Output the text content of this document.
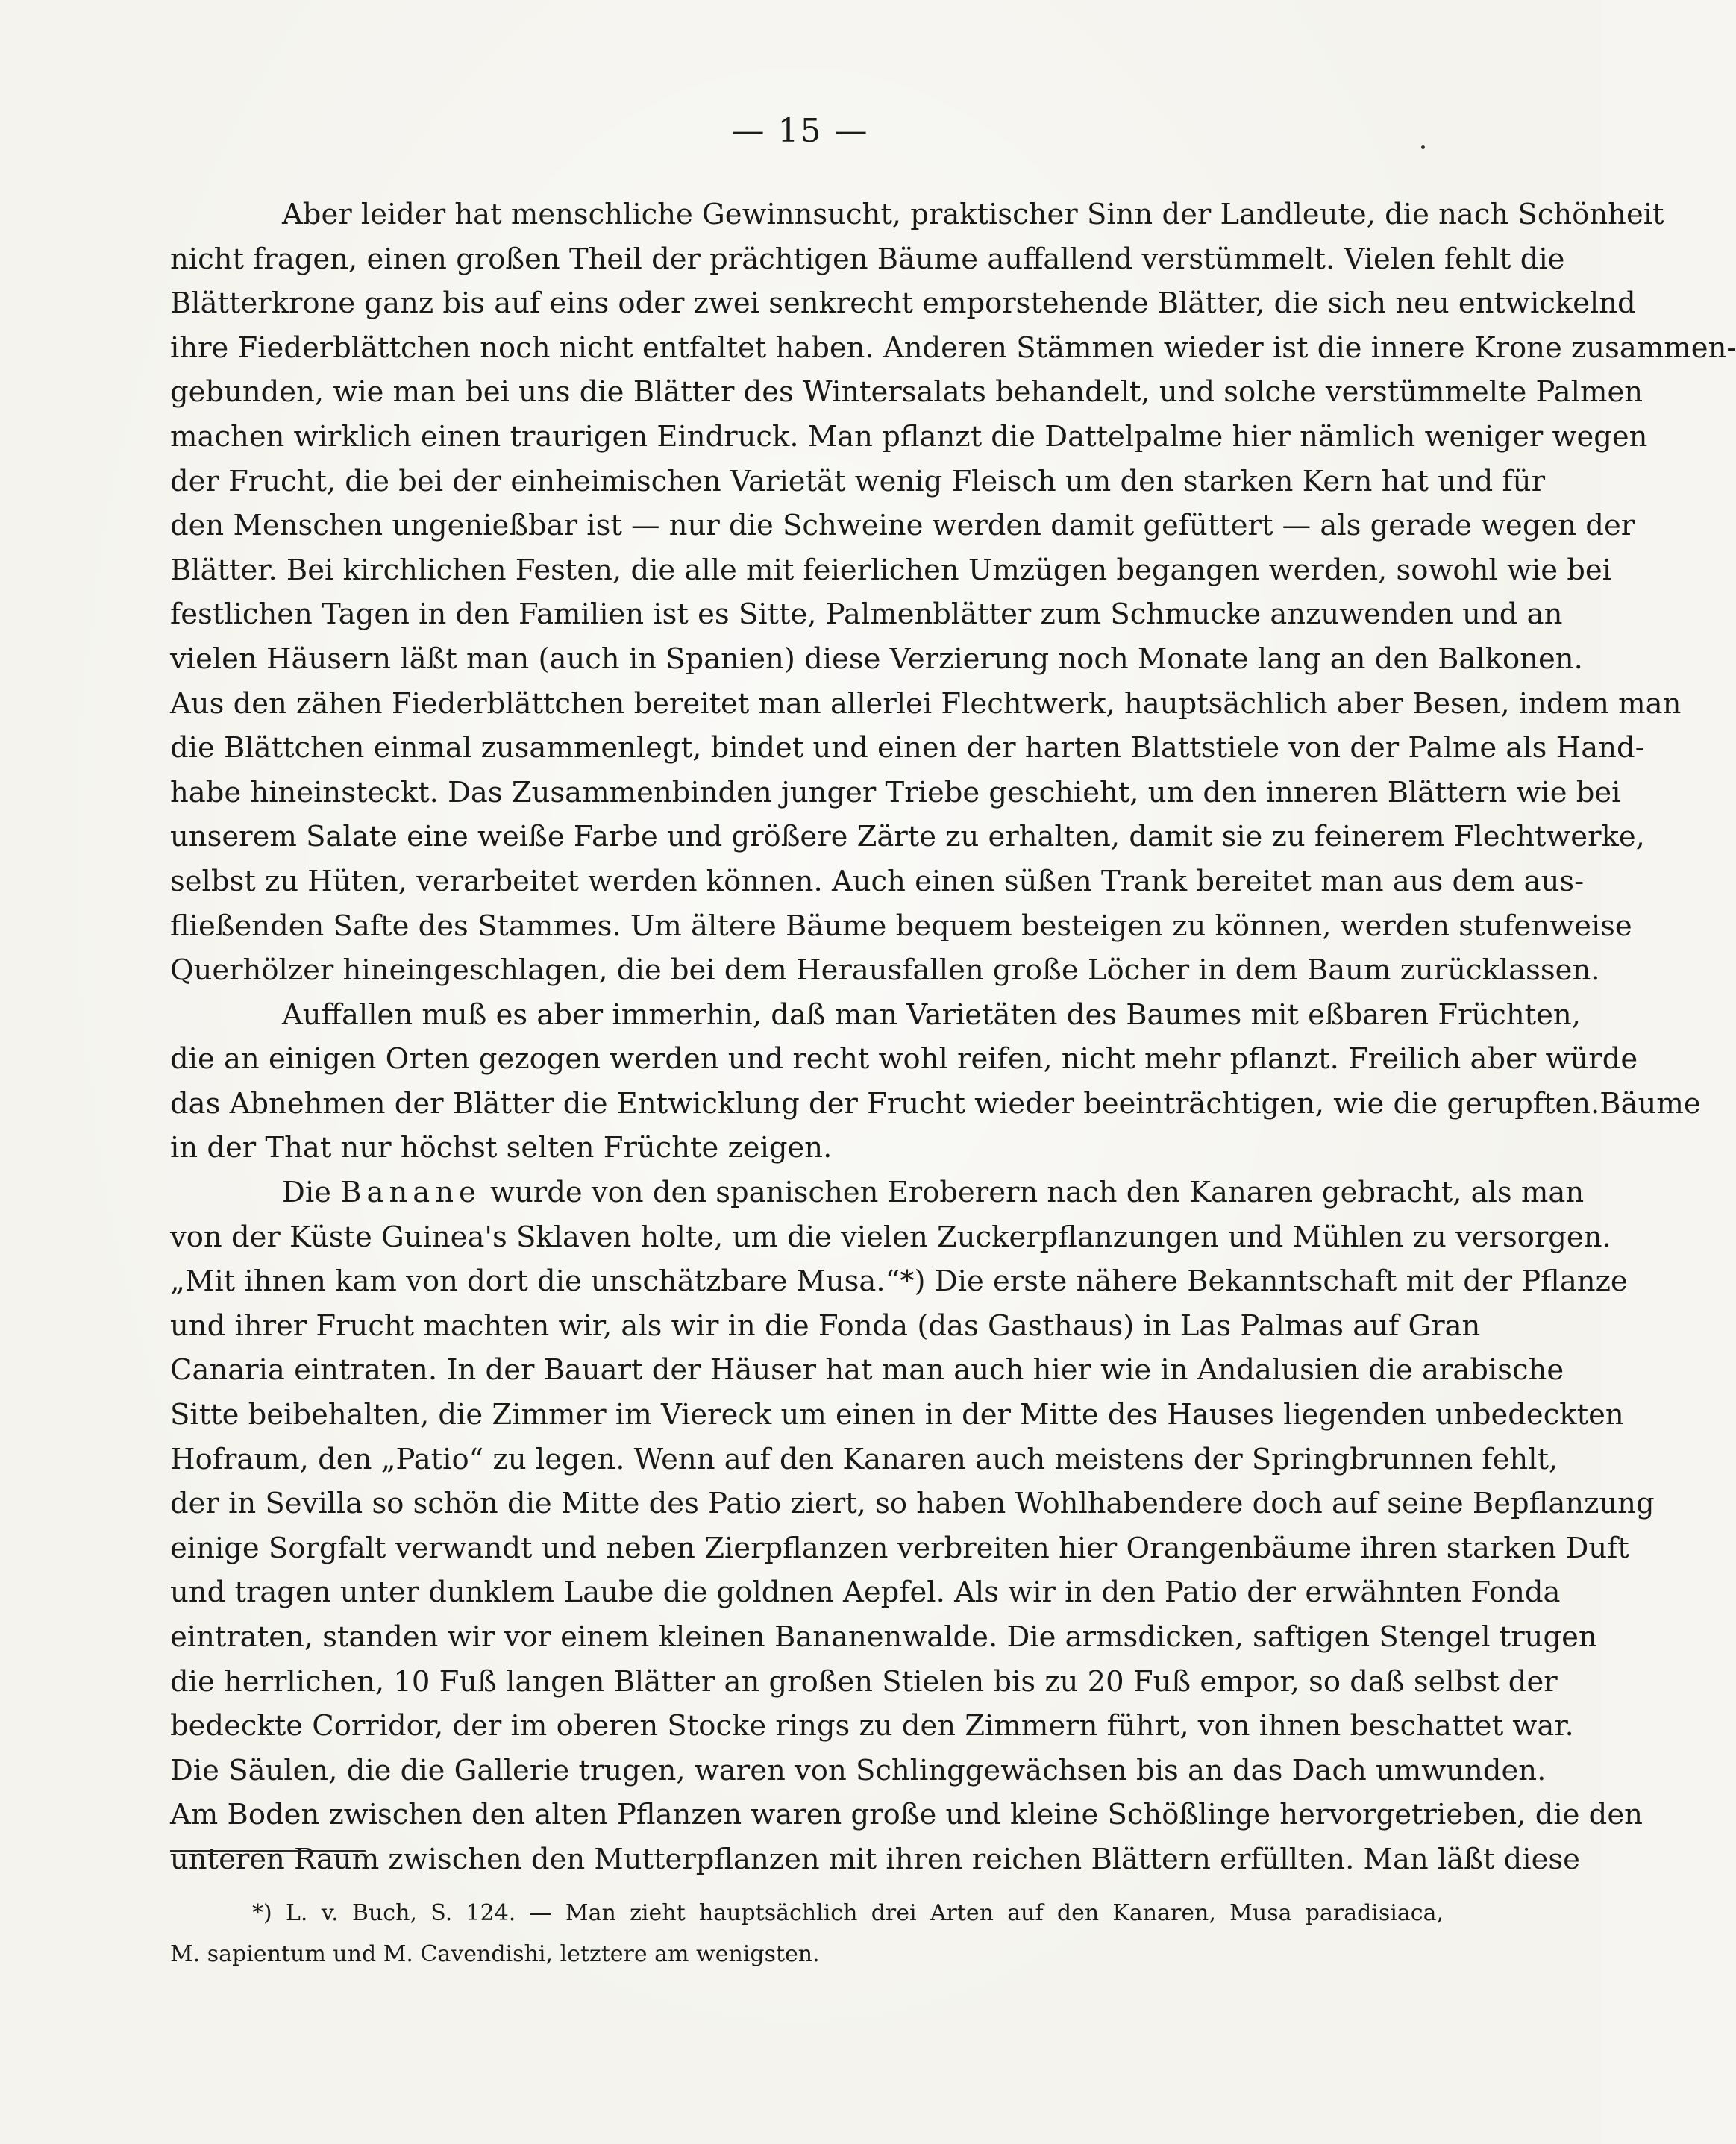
— 15 —
Aber leider hat menschliche Gewinnsucht, praktischer Sinn der Landleute, die nach Schönheit
nicht fragen, einen großen Theil der prächtigen Bäume auffallend verstümmelt. Vielen fehlt die
Blätterkrone ganz bis auf eins oder zwei senkrecht emporstehende Blätter, die sich neu entwickelnd
ihre Fiederblättchen noch nicht entfaltet haben. Anderen Stämmen wieder ist die innere Krone zusammen-
gebunden, wie man bei uns die Blätter des Wintersalats behandelt, und solche verstümmelte Palmen
machen wirklich einen traurigen Eindruck. Man pflanzt die Dattelpalme hier nämlich weniger wegen
der Frucht, die bei der einheimischen Varietät wenig Fleisch um den starken Kern hat und für
den Menschen ungenießbar ist — nur die Schweine werden damit gefüttert — als gerade wegen der
Blätter. Bei kirchlichen Festen, die alle mit feierlichen Umzügen begangen werden, sowohl wie bei
festlichen Tagen in den Familien ist es Sitte, Palmenblätter zum Schmucke anzuwenden und an
vielen Häusern läßt man (auch in Spanien) diese Verzierung noch Monate lang an den Balkonen.
Aus den zähen Fiederblättchen bereitet man allerlei Flechtwerk, hauptsächlich aber Besen, indem man
die Blättchen einmal zusammenlegt, bindet und einen der harten Blattstiele von der Palme als Hand-
habe hineinsteckt. Das Zusammenbinden junger Triebe geschieht, um den inneren Blättern wie bei
unserem Salate eine weiße Farbe und größere Zärte zu erhalten, damit sie zu feinerem Flechtwerke,
selbst zu Hüten, verarbeitet werden können. Auch einen süßen Trank bereitet man aus dem aus-
fließenden Safte des Stammes. Um ältere Bäume bequem besteigen zu können, werden stufenweise
Querhölzer hineingeschlagen, die bei dem Herausfallen große Löcher in dem Baum zurücklassen.
Auffallen muß es aber immerhin, daß man Varietäten des Baumes mit eßbaren Früchten,
die an einigen Orten gezogen werden und recht wohl reifen, nicht mehr pflanzt. Freilich aber würde
das Abnehmen der Blätter die Entwicklung der Frucht wieder beeinträchtigen, wie die gerupften.Bäume
in der That nur höchst selten Früchte zeigen.
Die Banane wurde von den spanischen Eroberern nach den Kanaren gebracht, als man
von der Küste Guinea's Sklaven holte, um die vielen Zuckerpflanzungen und Mühlen zu versorgen.
„Mit ihnen kam von dort die unschätzbare Musa.“*) Die erste nähere Bekanntschaft mit der Pflanze
und ihrer Frucht machten wir, als wir in die Fonda (das Gasthaus) in Las Palmas auf Gran
Canaria eintraten. In der Bauart der Häuser hat man auch hier wie in Andalusien die arabische
Sitte beibehalten, die Zimmer im Viereck um einen in der Mitte des Hauses liegenden unbedeckten
Hofraum, den „Patio“ zu legen. Wenn auf den Kanaren auch meistens der Springbrunnen fehlt,
der in Sevilla so schön die Mitte des Patio ziert, so haben Wohlhabendere doch auf seine Bepflanzung
einige Sorgfalt verwandt und neben Zierpflanzen verbreiten hier Orangenbäume ihren starken Duft
und tragen unter dunklem Laube die goldnen Aepfel. Als wir in den Patio der erwähnten Fonda
eintraten, standen wir vor einem kleinen Bananenwalde. Die armsdicken, saftigen Stengel trugen
die herrlichen, 10 Fuß langen Blätter an großen Stielen bis zu 20 Fuß empor, so daß selbst der
bedeckte Corridor, der im oberen Stocke rings zu den Zimmern führt, von ihnen beschattet war.
Die Säulen, die die Gallerie trugen, waren von Schlinggewächsen bis an das Dach umwunden.
Am Boden zwischen den alten Pflanzen waren große und kleine Schößlinge hervorgetrieben, die den
unteren Raum zwischen den Mutterpflanzen mit ihren reichen Blättern erfüllten. Man läßt diese
*) L. v. Buch, S. 124. — Man zieht hauptsächlich drei Arten auf den Kanaren, Musa paradisiaca,
M. sapientum und M. Cavendishi, letztere am wenigsten.
